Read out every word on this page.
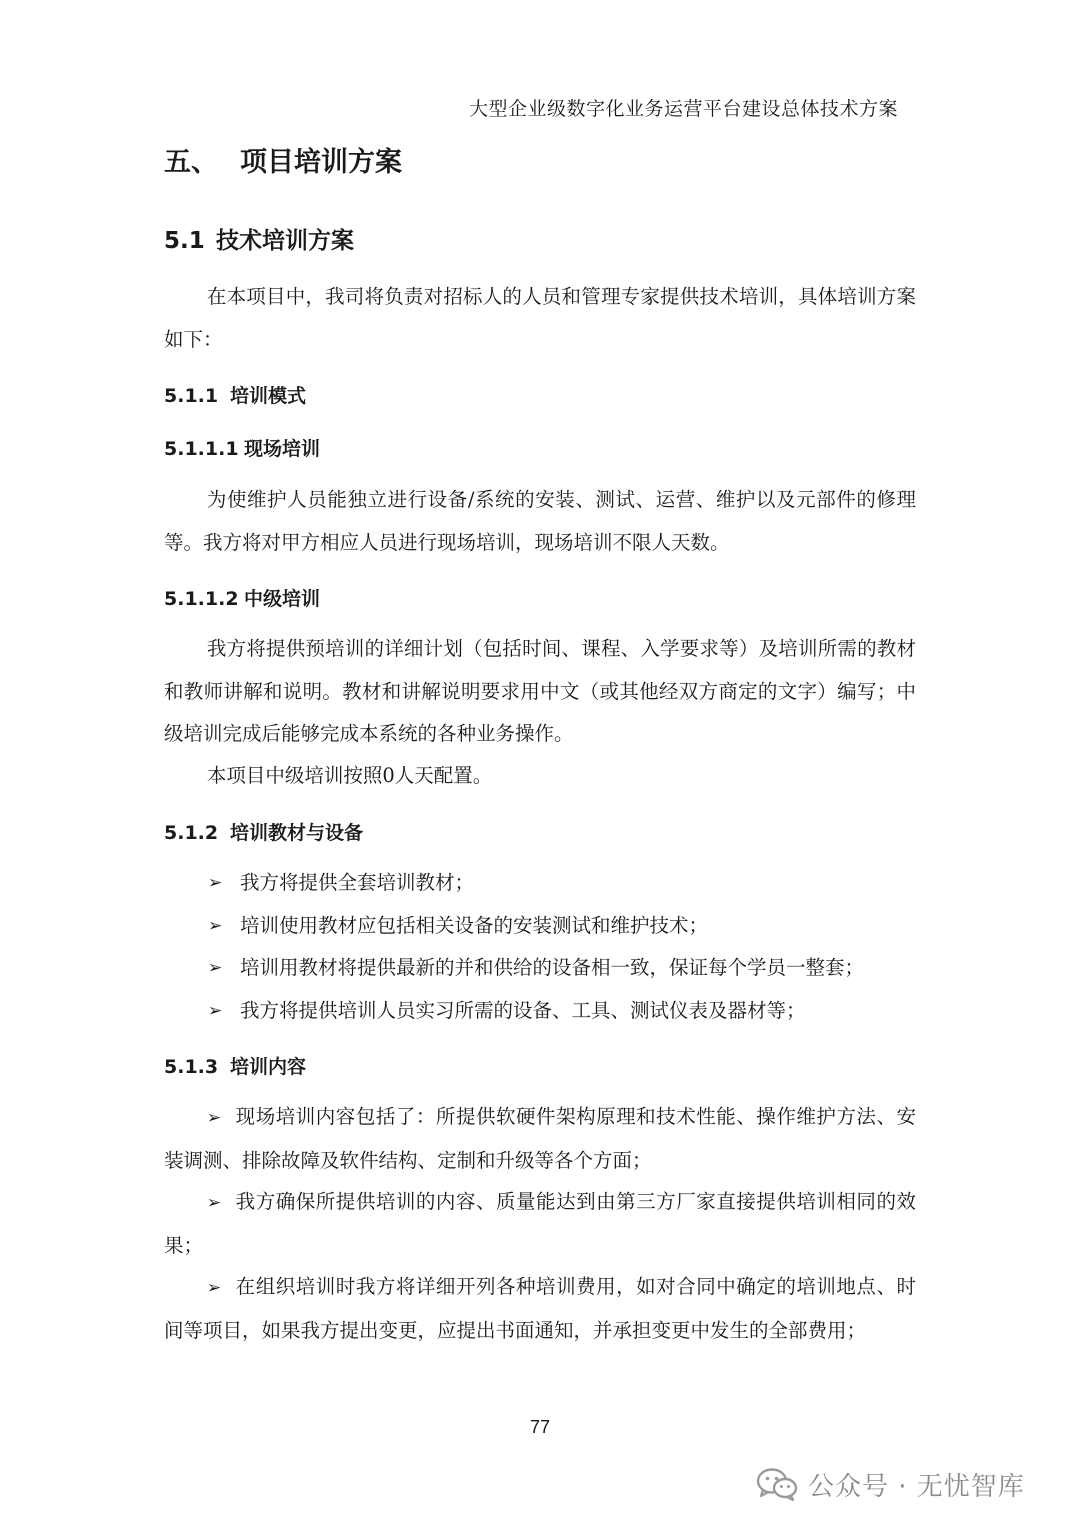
大型企业级数字化业务运营平台建设总体技术方案
五、 项目培训方案
5.1 技术培训方案

在本项目中，我司将负责对招标人的人员和管理专家提供技术培训，具体培训方案如下：

5.1.1 培训模式
5.1.1.1 现场培训

为使维护人员能独立进行设备/系统的安装、测试、运营、维护以及元部件的修理等。我方将对甲方相应人员进行现场培训，现场培训不限人天数。

5.1.1.2 中级培训

我方将提供预培训的详细计划（包括时间、课程、入学要求等）及培训所需的教材和教师讲解和说明。教材和讲解说明要求用中文（或其他经双方商定的文字）编写；中级培训完成后能够完成本系统的各种业务操作。

本项目中级培训按照0人天配置。

5.1.2 培训教材与设备
➢ 我方将提供全套培训教材；
➢ 培训使用教材应包括相关设备的安装测试和维护技术；
➢ 培训用教材将提供最新的并和供给的设备相一致，保证每个学员一整套；
➢ 我方将提供培训人员实习所需的设备、工具、测试仪表及器材等；
5.1.3 培训内容

➢ 现场培训内容包括了：所提供软硬件架构原理和技术性能、操作维护方法、安装调测、排除故障及软件结构、定制和升级等各个方面；

➢ 我方确保所提供培训的内容、质量能达到由第三方厂家直接提供培训相同的效果；

➢ 在组织培训时我方将详细开列各种培训费用，如对合同中确定的培训地点、时间等项目，如果我方提出变更，应提出书面通知，并承担变更中发生的全部费用；

77
公众号 · 无忧智库
